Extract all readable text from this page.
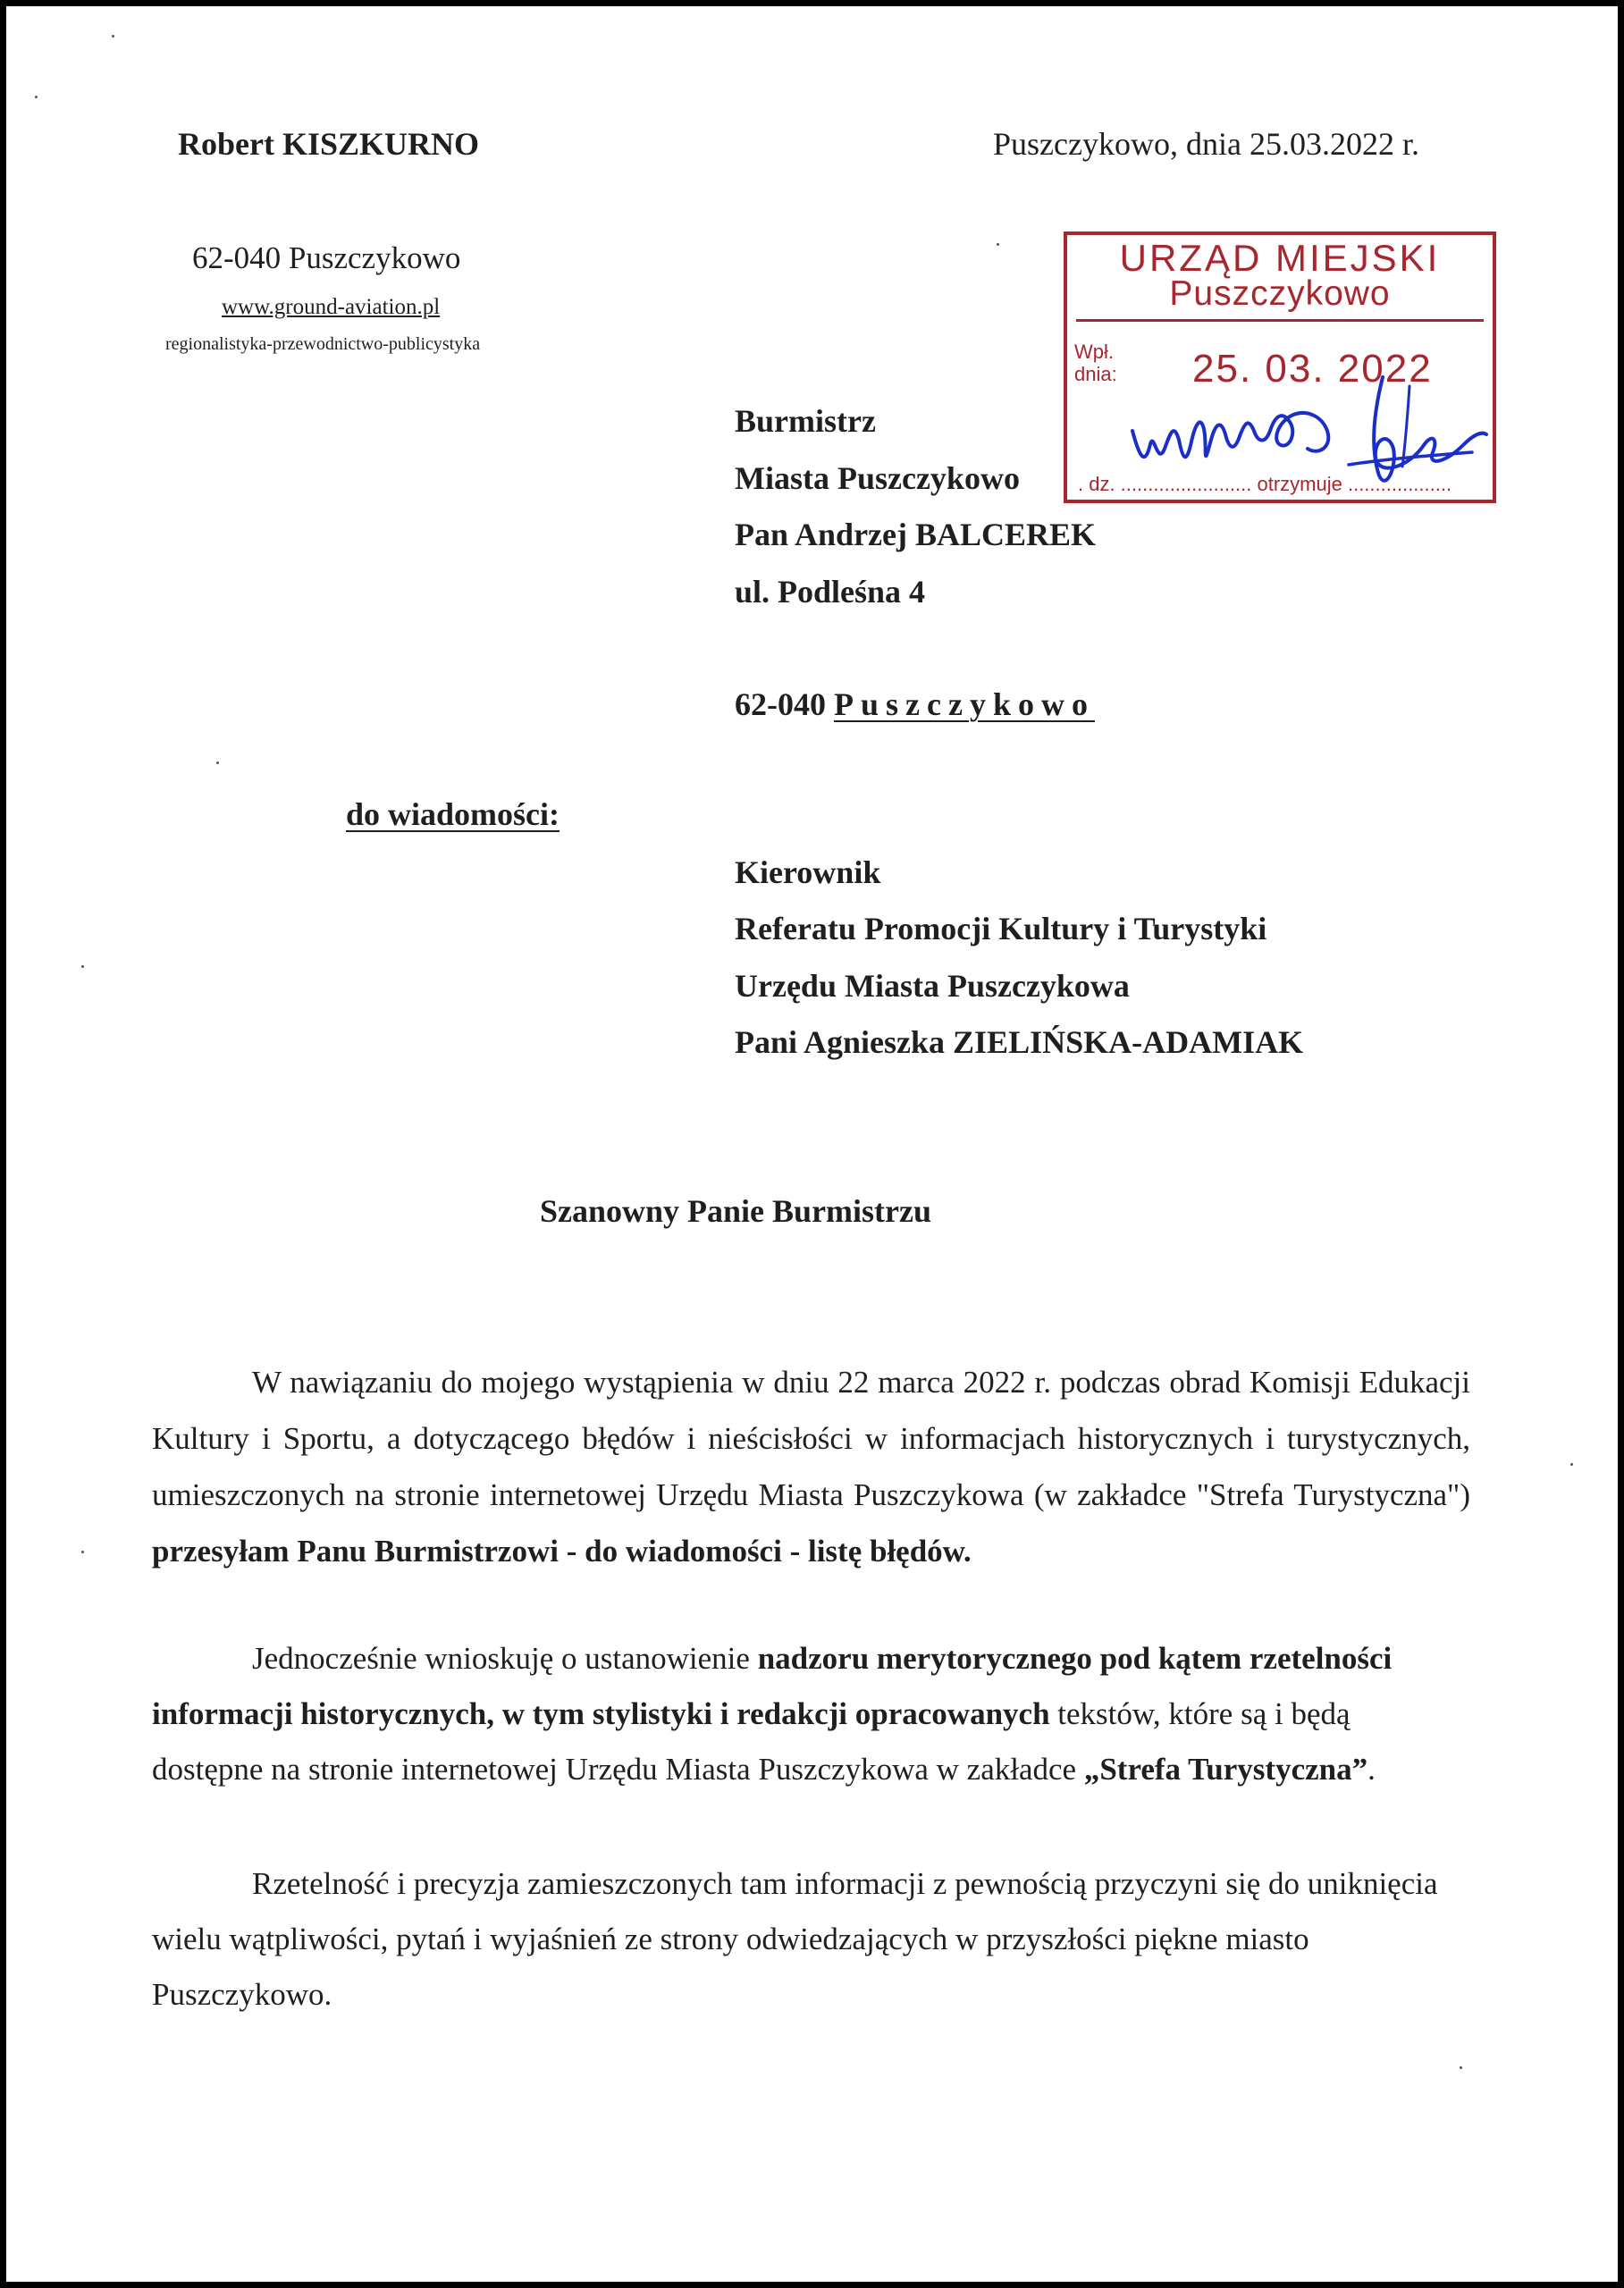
Robert KISZKURNO	Puszczykowo, dnia 25.03.2022 r.
62-040 Puszczykowo
www.ground-aviation.pl
regionalistyka-przewodnictwo-publicystyka
URZĄD MIEJSKI
Puszczykowo
Wpł.
dnia: 25. 03. 2022
. dz. ........................ otrzymuje ...................
Burmistrz
Miasta Puszczykowo
Pan Andrzej BALCEREK
ul. Podleśna 4
62-040 Puszczykowo
do wiadomości:
Kierownik
Referatu Promocji Kultury i Turystyki
Urzędu Miasta Puszczykowa
Pani Agnieszka ZIELIŃSKA-ADAMIAK
Szanowny Panie Burmistrzu

W nawiązaniu do mojego wystąpienia w dniu 22 marca 2022 r. podczas obrad Komisji Edukacji Kultury i Sportu, a dotyczącego błędów i nieścisłości w informacjach historycznych i turystycznych, umieszczonych na stronie internetowej Urzędu Miasta Puszczykowa (w zakładce "Strefa Turystyczna") przesyłam Panu Burmistrzowi - do wiadomości - listę błędów.

Jednocześnie wnioskuję o ustanowienie nadzoru merytorycznego pod kątem rzetelności informacji historycznych, w tym stylistyki i redakcji opracowanych tekstów, które są i będą dostępne na stronie internetowej Urzędu Miasta Puszczykowa w zakładce „Strefa Turystyczna”.

Rzetelność i precyzja zamieszczonych tam informacji z pewnością przyczyni się do uniknięcia wielu wątpliwości, pytań i wyjaśnień ze strony odwiedzających w przyszłości piękne miasto Puszczykowo.
